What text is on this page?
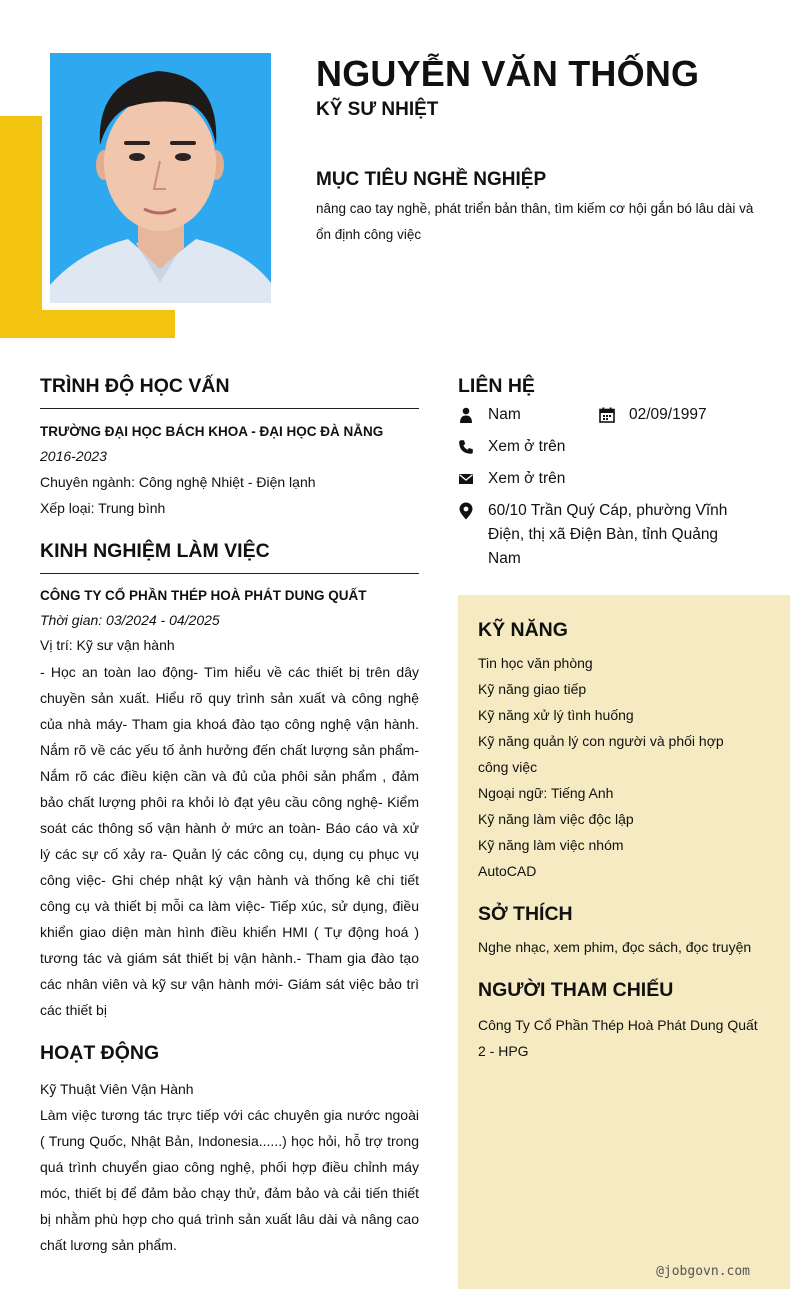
NGUYỄN VĂN THỐNG
KỸ SƯ NHIỆT
MỤC TIÊU NGHỀ NGHIỆP
nâng cao tay nghề, phát triển bản thân, tìm kiếm cơ hội gắn bó lâu dài và ổn định công việc
TRÌNH ĐỘ HỌC VẤN
TRƯỜNG ĐẠI HỌC BÁCH KHOA - ĐẠI HỌC ĐÀ NẴNG
2016-2023
Chuyên ngành: Công nghệ Nhiệt - Điện lạnh
Xếp loại: Trung bình
KINH NGHIỆM LÀM VIỆC
CÔNG TY CỔ PHẦN THÉP HOÀ PHÁT DUNG QUẤT
Thời gian: 03/2024 - 04/2025
Vị trí: Kỹ sư vận hành
- Học an toàn lao động- Tìm hiểu về các thiết bị trên dây chuyền sản xuất. Hiểu rõ quy trình sản xuất và công nghệ của nhà máy- Tham gia khoá đào tạo công nghệ vận hành. Nắm rõ về các yếu tố ảnh hưởng đến chất lượng sản phẩm- Nắm rõ các điều kiện cần và đủ của phôi sản phẩm , đảm bảo chất lượng phôi ra khỏi lò đạt yêu cầu công nghệ- Kiểm soát các thông số vận hành ở mức an toàn- Báo cáo và xử lý các sự cố xảy ra- Quản lý các công cụ, dụng cụ phục vụ công việc- Ghi chép nhật ký vận hành và thống kê chi tiết công cụ và thiết bị mỗi ca làm việc- Tiếp xúc, sử dụng, điều khiển giao diện màn hình điều khiển HMI ( Tự động hoá ) tương tác và giám sát thiết bị vận hành.- Tham gia đào tạo các nhân viên và kỹ sư vận hành mới- Giám sát việc bảo trì các thiết bị
HOẠT ĐỘNG
Kỹ Thuật Viên Vận Hành
Làm việc tương tác trực tiếp với các chuyên gia nước ngoài ( Trung Quốc, Nhật Bản, Indonesia......) học hỏi, hỗ trợ trong quá trình chuyển giao công nghệ, phối hợp điều chỉnh máy móc, thiết bị để đảm bảo chạy thử, đảm bảo và cải tiến thiết bị nhằm phù hợp cho quá trình sản xuất lâu dài và nâng cao chất lương sản phẩm.
LIÊN HỆ
Nam	02/09/1997
Xem ở trên
Xem ở trên
60/10 Trần Quý Cáp, phường Vĩnh Điện, thị xã Điện Bàn, tỉnh Quảng Nam
KỸ NĂNG
Tin học văn phòng
Kỹ năng giao tiếp
Kỹ năng xử lý tình huống
Kỹ năng quản lý con người và phối hợp công việc
Ngoại ngữ: Tiếng Anh
Kỹ năng làm việc độc lập
Kỹ năng làm việc nhóm
AutoCAD
SỞ THÍCH
Nghe nhạc, xem phim, đọc sách, đọc truyện
NGƯỜI THAM CHIẾU
Công Ty Cổ Phần Thép Hoà Phát Dung Quất 2 - HPG
@jobgovn.com
